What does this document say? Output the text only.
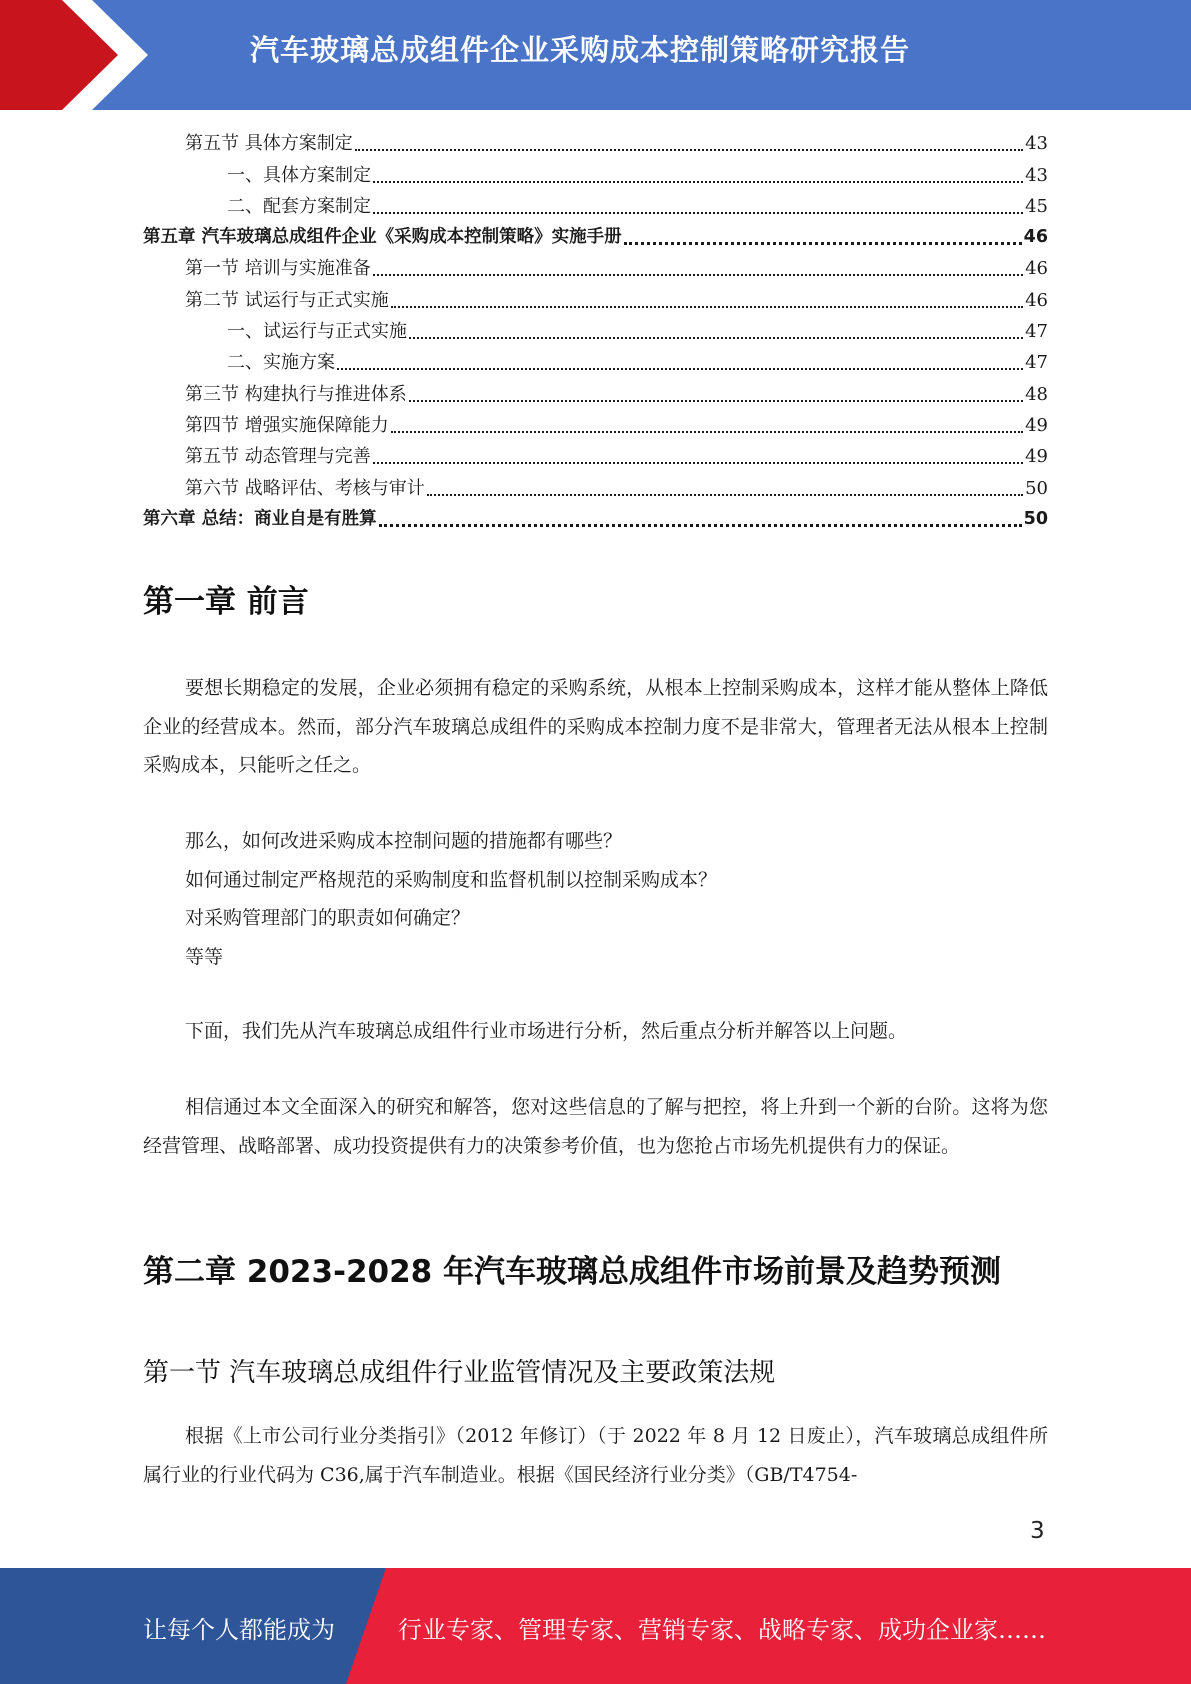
汽车玻璃总成组件企业采购成本控制策略研究报告
第五节 具体方案制定	43
一、具体方案制定	43
二、配套方案制定	45
第五章 汽车玻璃总成组件企业《采购成本控制策略》实施手册	46
第一节 培训与实施准备	46
第二节 试运行与正式实施	46
一、试运行与正式实施	47
二、实施方案	47
第三节 构建执行与推进体系	48
第四节 增强实施保障能力	49
第五节 动态管理与完善	49
第六节 战略评估、考核与审计	50
第六章 总结：商业自是有胜算	50
第一章 前言
要想长期稳定的发展，企业必须拥有稳定的采购系统，从根本上控制采购成本，这样才能从整体上降低企业的经营成本。然而，部分汽车玻璃总成组件的采购成本控制力度不是非常大，管理者无法从根本上控制采购成本，只能听之任之。
那么，如何改进采购成本控制问题的措施都有哪些？
如何通过制定严格规范的采购制度和监督机制以控制采购成本？
对采购管理部门的职责如何确定？
等等
下面，我们先从汽车玻璃总成组件行业市场进行分析，然后重点分析并解答以上问题。
相信通过本文全面深入的研究和解答，您对这些信息的了解与把控，将上升到一个新的台阶。这将为您经营管理、战略部署、成功投资提供有力的决策参考价值，也为您抢占市场先机提供有力的保证。
第二章 2023-2028 年汽车玻璃总成组件市场前景及趋势预测
第一节 汽车玻璃总成组件行业监管情况及主要政策法规
根据《上市公司行业分类指引》（2012 年修订）（于 2022 年 8 月 12 日废止），汽车玻璃总成组件所属行业的行业代码为 C36,属于汽车制造业。根据《国民经济行业分类》（GB/T4754-
3
让每个人都能成为	行业专家、管理专家、营销专家、战略专家、成功企业家……
